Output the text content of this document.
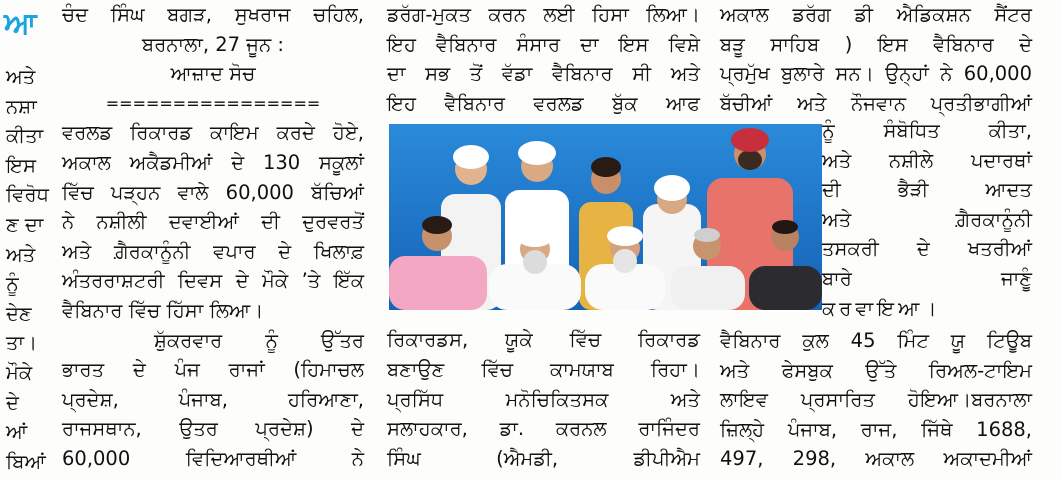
ਆ
ਅਤੇ
ਨਸ਼ਾ
ਕੀਤਾ
ਇਸ
ਵਿਰੋਧ
ਣ ਦਾ
ਅਤੇ
ਨੂੰ
ਦੇਣ
ਤਾ।
ਮੌਕੇ
ਦੇ
ਆਂ
ਬਿਆਂ
ਚੰਦ ਸਿੰਘ ਬਗੜ, ਸੁਖਰਾਜ ਚਹਿਲ,
ਬਰਨਾਲਾ, 27 ਜੂਨ :
ਆਜ਼ਾਦ ਸੋਚ
================
ਵਰਲਡ ਰਿਕਾਰਡ ਕਾਇਮ ਕਰਦੇ ਹੋਏ,
ਅਕਾਲ ਅਕੈਡਮੀਆਂ ਦੇ 130 ਸਕੂਲਾਂ
ਵਿੱਚ ਪੜ੍ਹਨ ਵਾਲੇ 60,000 ਬੱਚਿਆਂ
ਨੇ ਨਸ਼ੀਲੀ ਦਵਾਈਆਂ ਦੀ ਦੁਰਵਰਤੋਂ
ਅਤੇ ਗ਼ੈਰਕਾਨੂੰਨੀ ਵਪਾਰ ਦੇ ਖਿਲਾਫ਼
ਅੰਤਰਰਾਸ਼ਟਰੀ ਦਿਵਸ ਦੇ ਮੌਕੇ ’ਤੇ ਇੱਕ
ਵੈਬਿਨਾਰ ਵਿੱਚ ਹਿੱਸਾ ਲਿਆ।
ਸ਼ੁੱਕਰਵਾਰ ਨੂੰ ਉੱਤਰ
ਭਾਰਤ ਦੇ ਪੰਜ ਰਾਜਾਂ (ਹਿਮਾਚਲ
ਪ੍ਰਦੇਸ਼, ਪੰਜਾਬ, ਹਰਿਆਣਾ,
ਰਾਜਸਥਾਨ, ਉਤਰ ਪ੍ਰਦੇਸ਼) ਦੇ
60,000 ਵਿਦਿਆਰਥੀਆਂ ਨੇ
ਡਰੱਗ-ਮੁਕਤ ਕਰਨ ਲਈ ਹਿਸਾ ਲਿਆ।
ਇਹ ਵੈਬਿਨਾਰ ਸੰਸਾਰ ਦਾ ਇਸ ਵਿਸ਼ੇ
ਦਾ ਸਭ ਤੋਂ ਵੱਡਾ ਵੈਬਿਨਾਰ ਸੀ ਅਤੇ
ਇਹ ਵੈਬਿਨਾਰ ਵਰਲਡ ਬੁੱਕ ਆਫ
ਰਿਕਾਰਡਸ, ਯੂਕੇ ਵਿੱਚ ਰਿਕਾਰਡ
ਬਣਾਉਣ ਵਿੱਚ ਕਾਮਯਾਬ ਰਿਹਾ।
ਪ੍ਰਸਿੱਧ ਮਨੋਚਿਕਿਤਸਕ ਅਤੇ
ਸਲਾਹਕਾਰ, ਡਾ. ਕਰਨਲ ਰਾਜਿੰਦਰ
ਸਿੰਘ (ਐਮਡੀ, ਡੀਪੀਐਮ
ਅਕਾਲ ਡਰੱਗ ਡੀ ਐਡਿਕਸ਼ਨ ਸੈਂਟਰ
ਬੜੂ ਸਾਹਿਬ ) ਇਸ ਵੈਬਿਨਾਰ ਦੇ
ਪ੍ਰਮੁੱਖ ਬੁਲਾਰੇ ਸਨ। ਉਨ੍ਹਾਂ ਨੇ 60,000
ਬੱਚੀਆਂ ਅਤੇ ਨੌਜਵਾਨ ਪ੍ਰਤੀਭਾਗੀਆਂ
ਨੂੰ ਸੰਬੋਧਿਤ ਕੀਤਾ,
ਅਤੇ ਨਸ਼ੀਲੇ ਪਦਾਰਥਾਂ
ਦੀ ਭੈੜੀ ਆਦਤ
ਅਤੇ ਗ਼ੈਰਕਾਨੂੰਨੀ
ਤਸਕਰੀ ਦੇ ਖਤਰੀਆਂ
ਬਾਰੇ ਜਾਣੂੰ
ਕਰਵਾਇਆ।
ਵੈਬਿਨਾਰ ਕੁਲ 45 ਮਿੰਟ ਯੂ ਟਿਊਬ
ਅਤੇ ਫੇਸਬੁਕ ਉੱਤੇ ਰਿਅਲ-ਟਾਇਮ
ਲਾਇਵ ਪ੍ਰਸਾਰਿਤ ਹੋਇਆ।ਬਰਨਾਲਾ
ਜ਼ਿਲ੍ਹੇ ਪੰਜਾਬ, ਰਾਜ, ਜਿੱਥੇ 1688,
497, 298, ਅਕਾਲ ਅਕਾਦਮੀਆਂ
